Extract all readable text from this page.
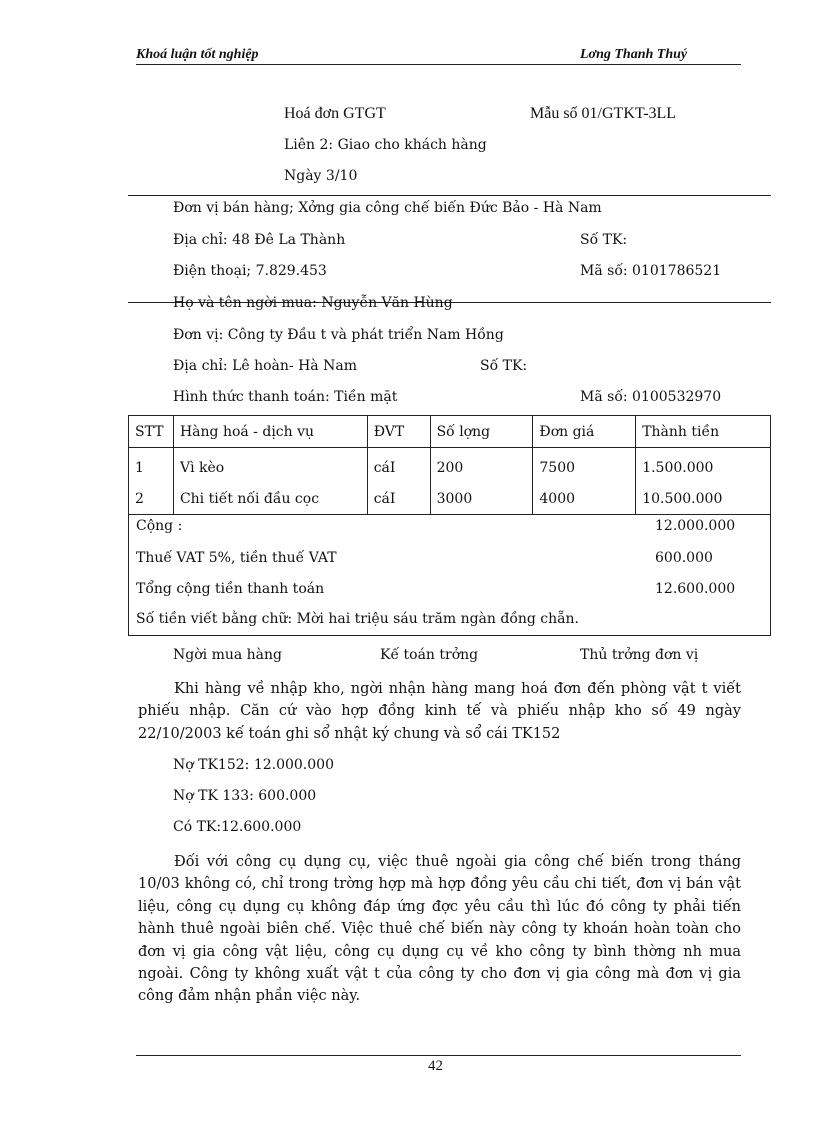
Khoá luận tốt nghiệp	Lơng Thanh Thuý
Hoá đơn GTGT	Mẫu số 01/GTKT-3LL
Liên 2: Giao cho khách hàng
Ngày 3/10
Đơn vị bán hàng; Xởng gia công chế biến Đức Bảo - Hà Nam
Địa chỉ: 48 Đê La Thành	Số TK:
Điện thoại; 7.829.453	Mã số: 0101786521
Họ và tên ngời mua: Nguyễn Văn Hùng
Đơn vị: Công ty Đầu t và phát triển Nam Hồng
Địa chỉ: Lê hoàn- Hà Nam	Số TK:
Hình thức thanh toán: Tiền mặt	Mã số: 0100532970
STT	Hàng hoá - dịch vụ	ĐVT	Số lợng	Đơn giá	Thành tiền
1	Vì kèo	cáI	200	7500	1.500.000
2	Chi tiết nối đầu cọc	cáI	3000	4000	10.500.000
Cộng :	12.000.000
Thuế VAT 5%, tiền thuế VAT	600.000
Tổng cộng tiền thanh toán	12.600.000
Số tiền viết bằng chữ: Mời hai triệu sáu trăm ngàn đồng chẵn.
Ngời mua hàng	Kế toán trởng	Thủ trởng đơn vị
Khi hàng về nhập kho, ngời nhận hàng mang hoá đơn đến phòng vật t viết phiếu nhập. Căn cứ vào hợp đồng kinh tế và phiếu nhập kho số 49 ngày 22/10/2003 kế toán ghi sổ nhật ký chung và sổ cái TK152
Nợ TK152: 12.000.000
Nợ TK 133: 600.000
Có TK:12.600.000
Đối với công cụ dụng cụ, việc thuê ngoài gia công chế biến trong tháng 10/03 không có, chỉ trong trờng hợp mà hợp đồng yêu cầu chi tiết, đơn vị bán vật liệu, công cụ dụng cụ không đáp ứng đợc yêu cầu thì lúc đó công ty phải tiến hành thuê ngoài biên chế. Việc thuê chế biến này công ty khoán hoàn toàn cho đơn vị gia công vật liệu, công cụ dụng cụ về kho công ty bình thờng nh mua ngoài. Công ty không xuất vật t của công ty cho đơn vị gia công mà đơn vị gia công đảm nhận phần việc này.
42
